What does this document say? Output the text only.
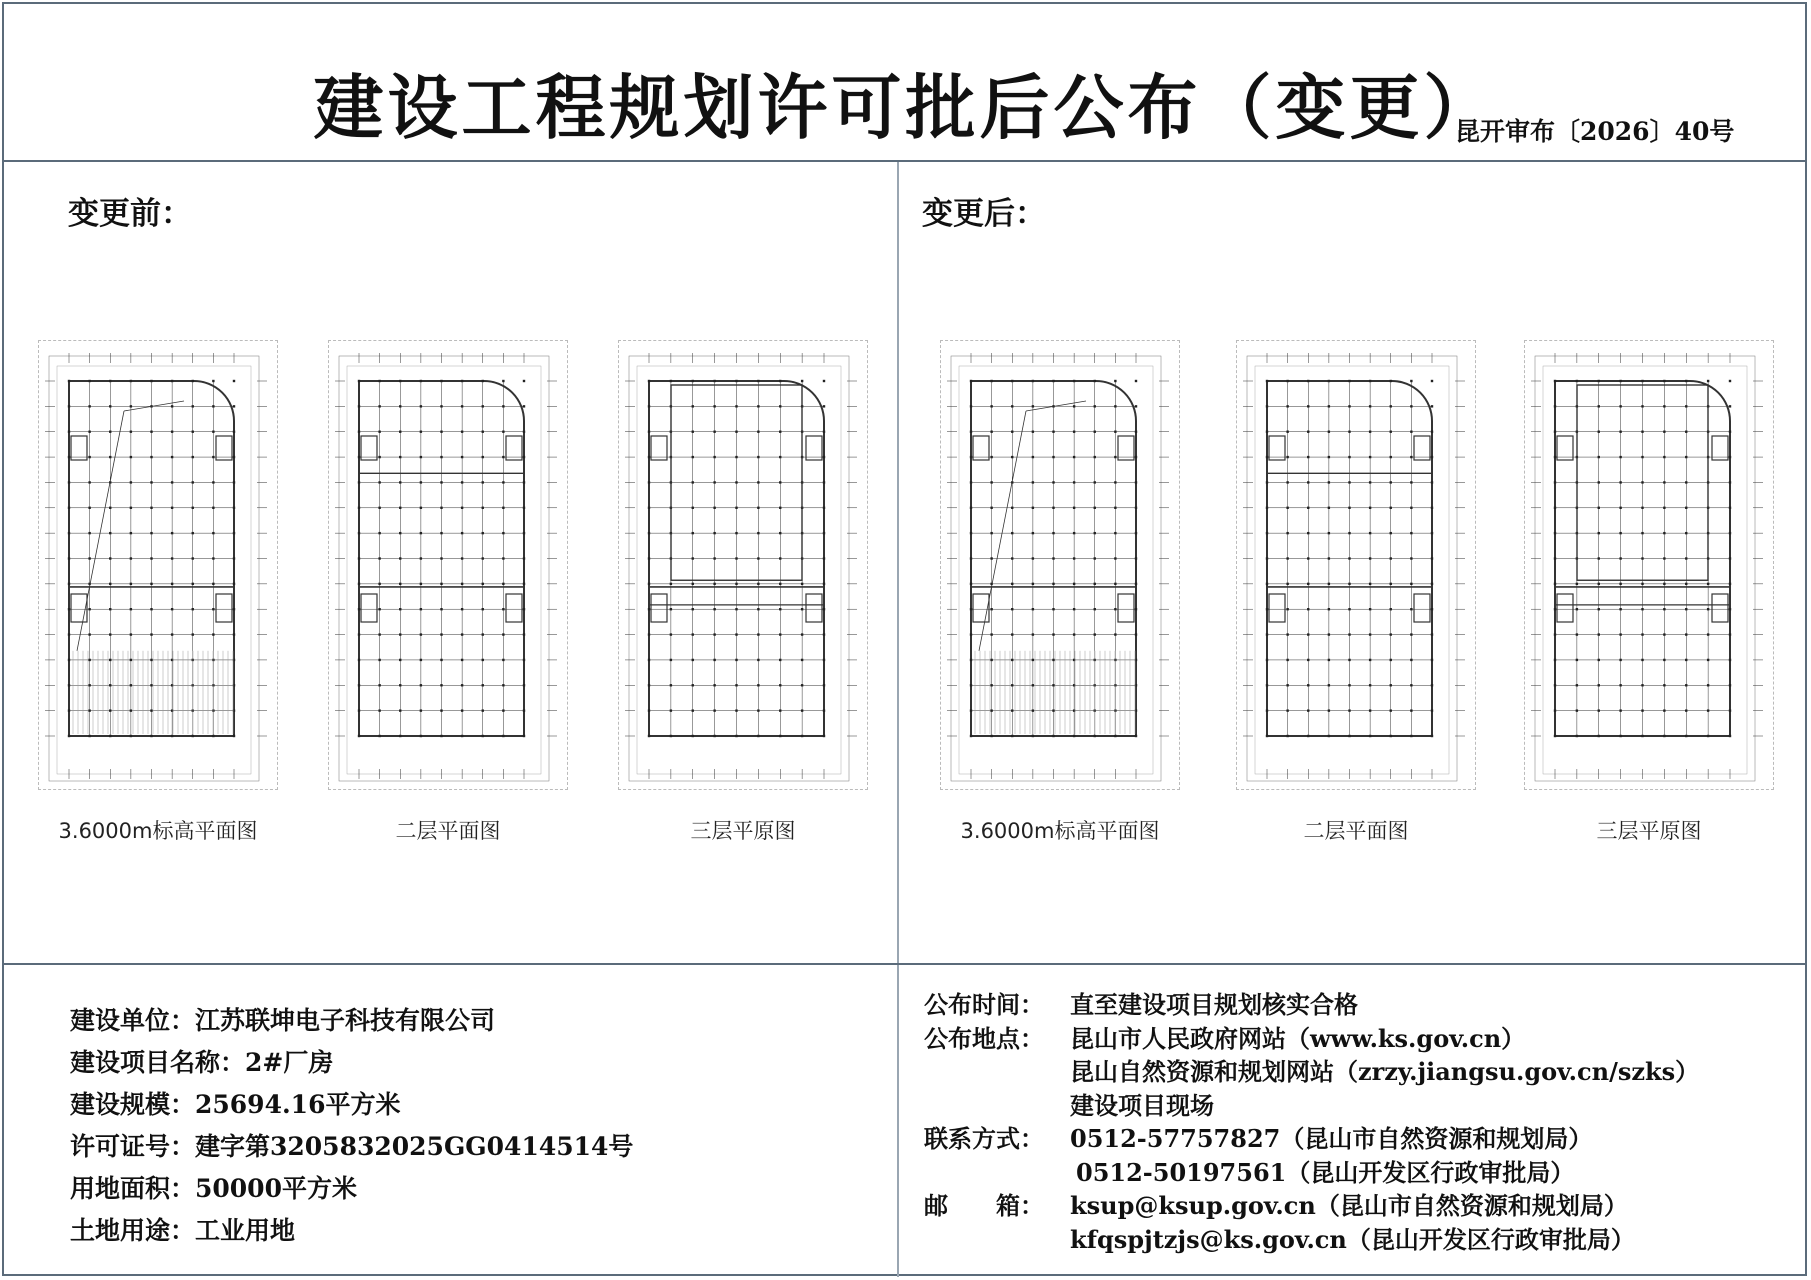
建设工程规划许可批后公布（变更）
昆开审布〔2026〕40号
变更前：	变更后：
3.6000m标高平面图	二层平面图	三层平原图	3.6000m标高平面图	二层平面图	三层平原图
建设单位：江苏联坤电子科技有限公司
建设项目名称：2#厂房
建设规模：25694.16平方米
许可证号：建字第3205832025GG0414514号
用地面积：50000平方米
土地用途：工业用地
公布时间： 直至建设项目规划核实合格
公布地点： 昆山市人民政府网站（www.ks.gov.cn）
昆山自然资源和规划网站（zrzy.jiangsu.gov.cn/szks）
建设项目现场
联系方式： 0512-57757827（昆山市自然资源和规划局）
0512-50197561（昆山开发区行政审批局）
邮　　箱： ksup@ksup.gov.cn（昆山市自然资源和规划局）
kfqspjtzjs@ks.gov.cn（昆山开发区行政审批局）
